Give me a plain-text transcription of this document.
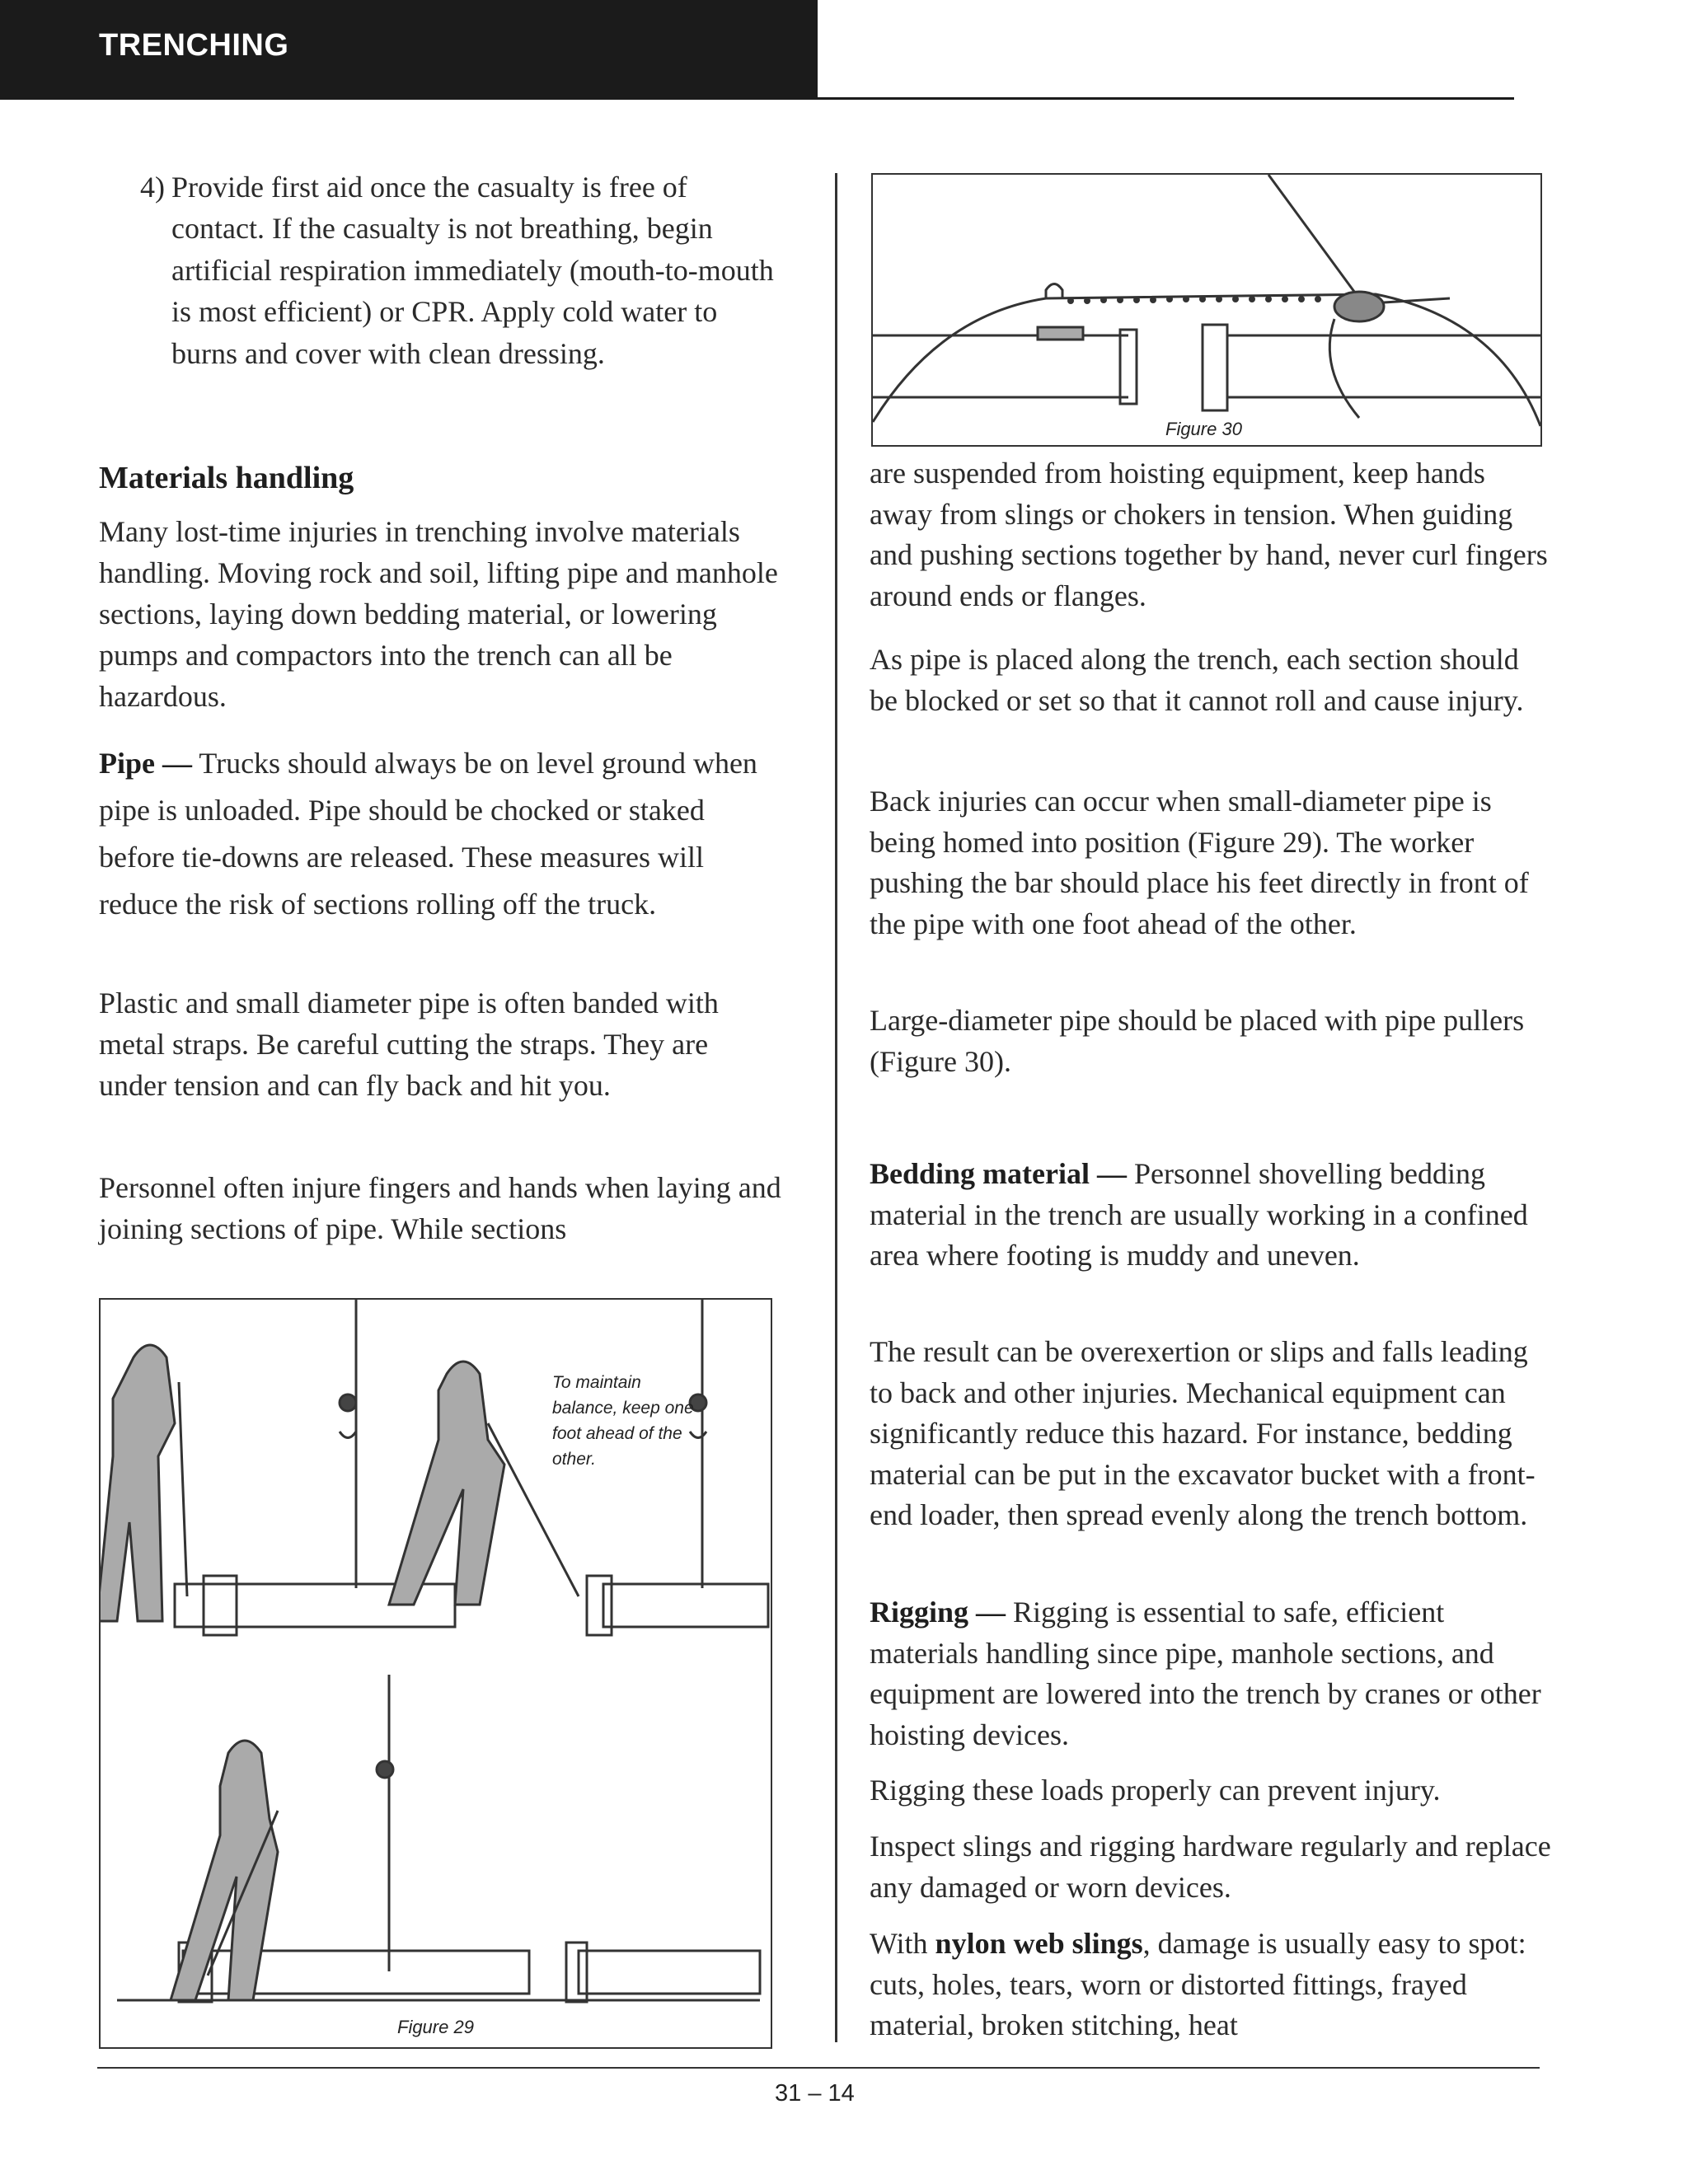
TRENCHING
4) Provide first aid once the casualty is free of contact. If the casualty is not breathing, begin artificial respiration immediately (mouth-to-mouth is most efficient) or CPR. Apply cold water to burns and cover with clean dressing.

Materials handling

Many lost-time injuries in trenching involve materials handling. Moving rock and soil, lifting pipe and manhole sections, laying down bedding material, or lowering pumps and compactors into the trench can all be hazardous.

Pipe — Trucks should always be on level ground when pipe is unloaded. Pipe should be chocked or staked before tie-downs are released. These measures will reduce the risk of sections rolling off the truck.

Plastic and small diameter pipe is often banded with metal straps. Be careful cutting the straps. They are under tension and can fly back and hit you.

Personnel often injure fingers and hands when laying and joining sections of pipe. While sections

To maintain balance, keep one foot ahead of the other.
Figure 29
Figure 30

are suspended from hoisting equipment, keep hands away from slings or chokers in tension. When guiding and pushing sections together by hand, never curl fingers around ends or flanges.

As pipe is placed along the trench, each section should be blocked or set so that it cannot roll and cause injury.

Back injuries can occur when small-diameter pipe is being homed into position (Figure 29). The worker pushing the bar should place his feet directly in front of the pipe with one foot ahead of the other.

Large-diameter pipe should be placed with pipe pullers (Figure 30).

Bedding material — Personnel shovelling bedding material in the trench are usually working in a confined area where footing is muddy and uneven.

The result can be overexertion or slips and falls leading to back and other injuries. Mechanical equipment can significantly reduce this hazard. For instance, bedding material can be put in the excavator bucket with a front-end loader, then spread evenly along the trench bottom.

Rigging — Rigging is essential to safe, efficient materials handling since pipe, manhole sections, and equipment are lowered into the trench by cranes or other hoisting devices.

Rigging these loads properly can prevent injury.

Inspect slings and rigging hardware regularly and replace any damaged or worn devices.

With nylon web slings, damage is usually easy to spot: cuts, holes, tears, worn or distorted fittings, frayed material, broken stitching, heat

31 – 14
